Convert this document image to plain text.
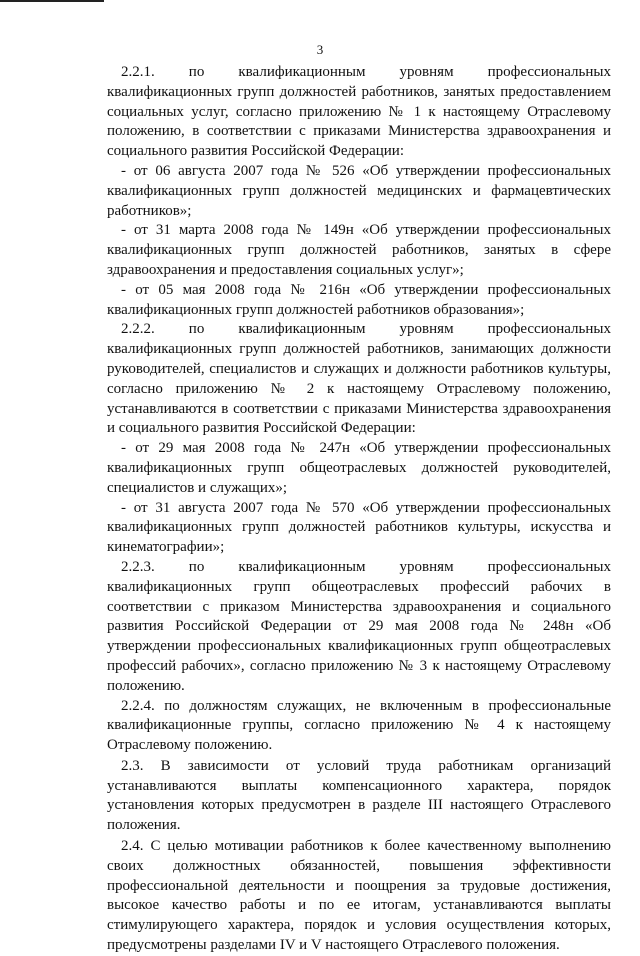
3

2.2.1. по квалификационным уровням профессиональных квалификационных групп должностей работников, занятых предоставлением социальных услуг, согласно приложению № 1 к настоящему Отраслевому положению, в соответствии с приказами Министерства здравоохранения и социального развития Российской Федерации:

- от 06 августа 2007 года № 526 «Об утверждении профессиональных квалификационных групп должностей медицинских и фармацевтических работников»;

- от 31 марта 2008 года № 149н «Об утверждении профессиональных квалификационных групп должностей работников, занятых в сфере здравоохранения и предоставления социальных услуг»;

- от 05 мая 2008 года № 216н «Об утверждении профессиональных квалификационных групп должностей работников образования»;

2.2.2. по квалификационным уровням профессиональных квалификационных групп должностей работников, занимающих должности руководителей, специалистов и служащих и должности работников культуры, согласно приложению № 2 к настоящему Отраслевому положению, устанавливаются в соответствии с приказами Министерства здравоохранения и социального развития Российской Федерации:

- от 29 мая 2008 года № 247н «Об утверждении профессиональных квалификационных групп общеотраслевых должностей руководителей, специалистов и служащих»;

- от 31 августа 2007 года № 570 «Об утверждении профессиональных квалификационных групп должностей работников культуры, искусства и кинематографии»;

2.2.3. по квалификационным уровням профессиональных квалификационных групп общеотраслевых профессий рабочих в соответствии с приказом Министерства здравоохранения и социального развития Российской Федерации от 29 мая 2008 года № 248н «Об утверждении профессиональных квалификационных групп общеотраслевых профессий рабочих», согласно приложению № 3 к настоящему Отраслевому положению.

2.2.4. по должностям служащих, не включенным в профессиональные квалификационные группы, согласно приложению № 4 к настоящему Отраслевому положению.

2.3. В зависимости от условий труда работникам организаций устанавливаются выплаты компенсационного характера, порядок установления которых предусмотрен в разделе III настоящего Отраслевого положения.

2.4. С целью мотивации работников к более качественному выполнению своих должностных обязанностей, повышения эффективности профессиональной деятельности и поощрения за трудовые достижения, высокое качество работы и по ее итогам, устанавливаются выплаты стимулирующего характера, порядок и условия осуществления которых, предусмотрены разделами IV и V настоящего Отраслевого положения.
